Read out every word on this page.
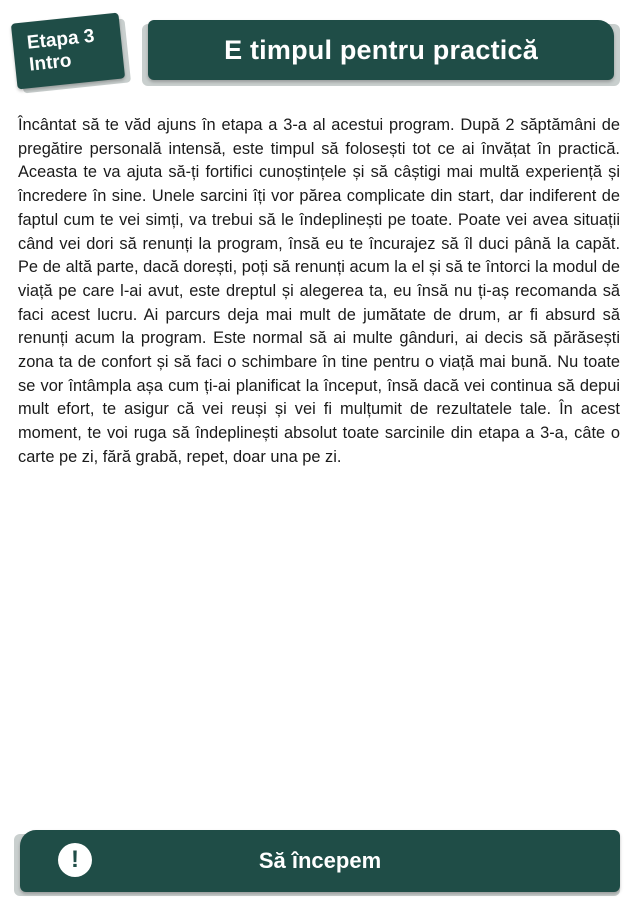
Etapa 3
Intro	E timpul pentru practică

Încântat să te văd ajuns în etapa a 3-a al acestui program. După 2 săptămâni de pregătire personală intensă, este timpul să folosești tot ce ai învățat în practică. Aceasta te va ajuta să-ți fortifici cunoștințele și să câștigi mai multă experiență și încredere în sine. Unele sarcini îți vor părea complicate din start, dar indiferent de faptul cum te vei simți, va trebui să le îndeplinești pe toate. Poate vei avea situații când vei dori să renunți la program, însă eu te încurajez să îl duci până la capăt. Pe de altă parte, dacă dorești, poți să renunți acum la el și să te întorci la modul de viață pe care l-ai avut, este dreptul și alegerea ta, eu însă nu ți-aș recomanda să faci acest lucru. Ai parcurs deja mai mult de jumătate de drum, ar fi absurd să renunți acum la program. Este normal să ai multe gânduri, ai decis să părăsești zona ta de confort și să faci o schimbare în tine pentru o viață mai bună. Nu toate se vor întâmpla așa cum ți-ai planificat la început, însă dacă vei continua să depui mult efort, te asigur că vei reuși și vei fi mulțumit de rezultatele tale. În acest moment, te voi ruga să îndeplinești absolut toate sarcinile din etapa a 3-a, câte o carte pe zi, fără grabă, repet, doar una pe zi.

!	Să începem
